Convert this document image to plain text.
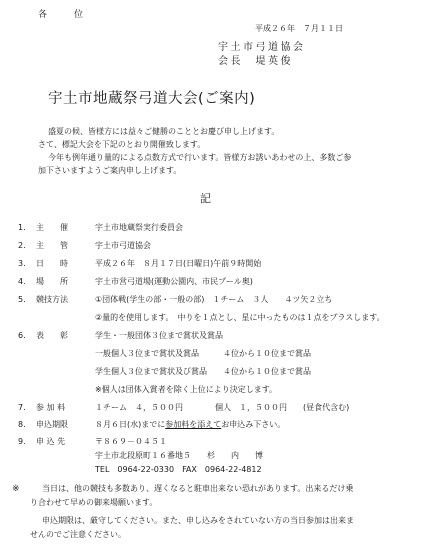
各　　位
平成２６年　７月１１日
宇土市弓道協会
会長　堤英俊
宇土市地蔵祭弓道大会(ご案内)
盛夏の候、皆様方には益々ご健勝のこととお慶び申し上げます。
さて、標記大会を下記のとおり開催致します。
今年も例年通り量的による点数方式で行います。皆様方お誘いあわせの上、多数ご参
加下さいますようご案内申し上げます。
記
1. 主　　催	宇土市地蔵祭実行委員会
2. 主　　管	宇土市弓道協会
3. 日　　時	平成２６年　８月１７日(日曜日)午前９時開始
4. 場　　所	宇土市営弓道場(運動公園内、市民プール奥)
5. 競技方法	①団体戦(学生の部・一般の部)　１チーム　３人　　４ツ矢２立ち
②量的を使用します。　中りを１点とし、星に中ったものは１点をプラスします。
6. 表　　彰	学生・一般団体３位まで賞状及賞品
一般個人３位まで賞状及賞品　　　４位から１０位まで賞品
学生個人３位まで賞状及び賞品　　４位から１０位まで賞品
※個人は団体入賞者を除く上位により決定します。
7. 参 加 料	１チーム　４，５００円　　　　個人　１，５００円　　(昼食代含む)
8. 申込期限	８月６日(水)までに参加料を添えてお申込み下さい。
9. 申 込 先	〒８６９－０４５１
宇土市北段原町１６番地５　　杉　　内　　博
TEL　0964-22-0330　FAX　0964-22-4812
※	当日は、他の競技も多数あり、遅くなると駐車出来ない恐れがあります。出来るだけ乗
り合わせて早めの御来場願います。
申込期限は、厳守してください。また、申し込みをされていない方の当日参加は出来ま
せんのでご注意ください。
